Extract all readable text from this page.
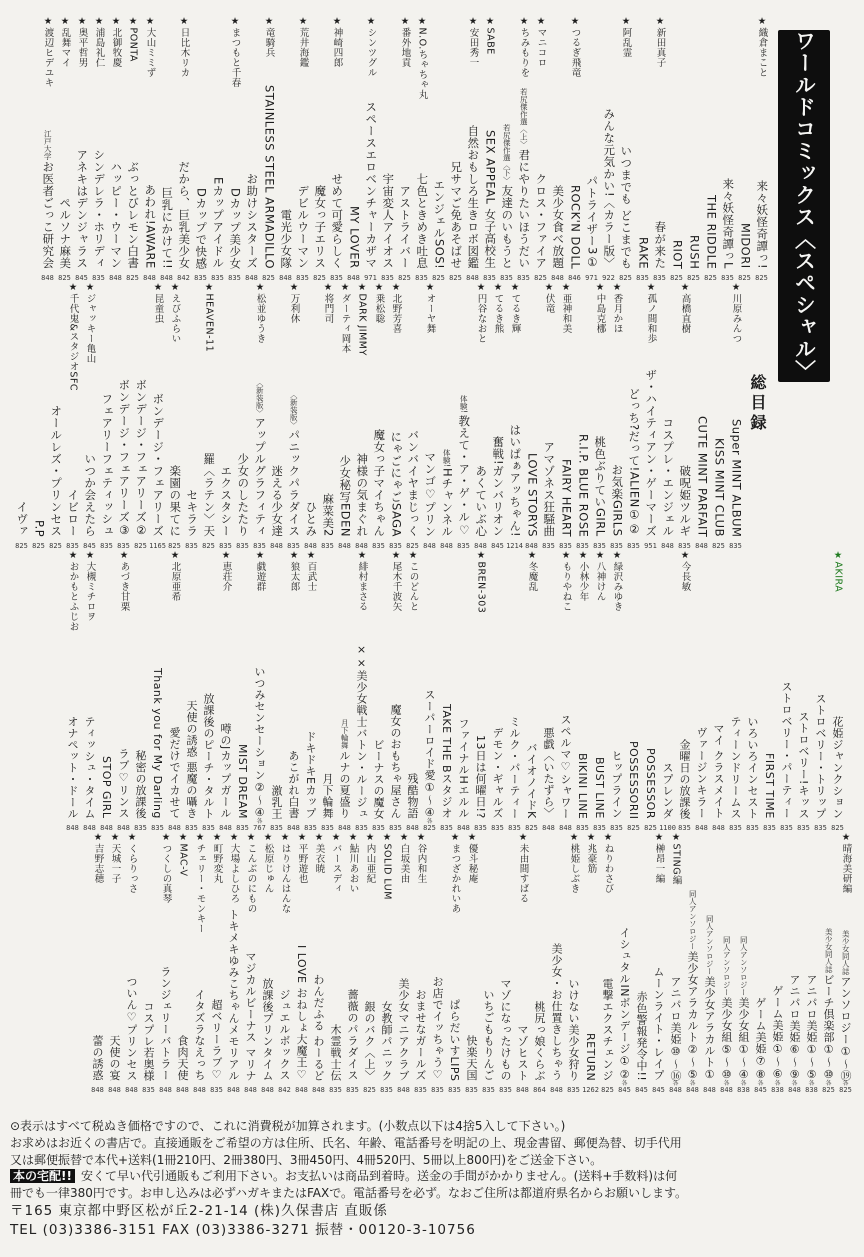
ワールドコミックス〈スペシャル〉
★織倉まこと
来々妖怪奇譚っ!
825
MIDORI
825
来々妖怪奇譚っL
835
THE RIDDLE
825
RUSH
825
RIOT
825
★新田真子
春が来た
835
RAKE
835
★阿乱霊
いつまでも どこまでも
825
みんな元気かい!〈カラー版〉
922
パトライザー3①
971
★つるぎ飛竜
ROCK'N DOLL
846
美少女食べ放題
848
★マニコロ
クロス・ファイア
825
★ちみもりを
若尻傑作選〈上〉
君にやりたいほうだい
835
若尻傑作選〈下〉
友達のいもうと
835
★SABE
SEX APPEAL 女子高校生
835
★安田秀一
自然おもしろ生きロボ図鑑
848
兄サマご免あそばせ
825
エンジェルSOS!
825
★N.O.ちゃちゃ丸
七色ときめき吐息
835
★番外地貢
アストライバー
825
宇宙変人アイオス
835
★シンツグル
スペースエロベンチャーカザマ
971
MY LOVER
848
★神崎四郎
せめて可愛らしく
835
魔女っ子エリス
825
★荒井海鑑
デビルウーマン
835
電光少女隊
848
★竜騎兵
STAINLESS STEEL ARMADILLO
825
お助けシスターズ
848
★まつもと千春
Dカップ美少女
835
Eカップアイドル
835
Dカップで快感
835
★日比木リカ
だから、巨乳美少女
842
巨乳にかけて!!
848
★大山ミミず
あわれ!AWARE
848
★PONTA
ぶっとびレモン白書
825
★北御牧慶
ハッピー・ウーマン
848
★浦島礼仁
シンデレラ・ホリディ
835
★奥平哲男
アネキはデンジャラス
845
★乱舞マイ
ペルソナ麻美
825
★渡辺ヒデユキ
江戸大学
お医者ごっこ研究会
848
総目録
★川原みんつ
Super MINT ALBUM
835
KISS MINT CLUB
825
CUTE MINT PARFAIT
848
★高橋直樹
破呪姫ツルギ
835
コスプレ・エンジェル
848
★孤ノ間和歩
ザ・ハイティアン・ゲーマーズ
951
どっち?だって!ALIEN①②
835
★香月かほ
お気楽GIRLS
835
★中島克梛
桃色ぶりていGIRL
835
R.I.P. BLUE ROSE
835
★亜神和美
FAIRY HEART
835
★伏竜
アマゾネス狂騒曲
835
LOVE STORYS
848
★てるき輝
はいぱぁアッちゃん!
1214
★てるき熊
奮戦!ガンバリオン
845
★円谷なおと
あくていぶ心
848
体験!
教えて・ア・ゲ・ル♡
835
体験!
Hチャンネル
848
★オーヤ舞
マンゴ♡プリン
848
バンバイヤまじっく
825
★北野芳喜
にゃごにゃごSAGA
835
★乗松聡
魔女っ子マイちゃん
835
★DARK JIMMY
神様の気まぐれ
848
★ダーティ岡本
少女秘写EDEN
848
★将門司
麻菜美2
835
ひとみ
848
★万利休
〈新装版〉
パニックパラダイス
835
迷える少女達
848
★松並ゆうき
〈新装版〉
アップルグラフィティ
835
少女のしたたり
835
エクスタシー
835
★HEAVEN-11
羅〈ラテン〉天
825
セキララ
835
★えびふらい
楽園の果てに
825
★昆童虫
ボンデージ・フェアリーズ
1165
ボンデージ・フェアリーズ②
825
ボンデージ・フェアリーズ③
835
フェアリーフェティッシュ
835
★ジャッキー亀山
いつか会えたら
845
★千代鬼&スタジオSFC
イビロー
835
オールレズ・プリンセス
825
P.P
825
イヴァ
825
★AKIRA
花姫ジャンクション
825
ストロベリー・トリップ
835
ストロベリー!キッス
835
ストロベリー・パーティー
835
FIRST TIME
835
いろいろインセスト
835
ティーンドリームス
835
マイ クラスメイト
848
ヴァージンキラー
848
★今長敏
金曜日の放課後
835
スプレンダ
1100
POSSESSOR
825
POSSESSORII
825
★緑沢みゆき
ヒップライン
835
★八神けん
BUST LINE
835
★小林少年
BIKINI LINE
835
★もりやねこ
スペルマ♡シャワー
848
悪戯〈いたずら〉
848
★冬魔乱
バイオノイドK
825
ミルク・パーティー
835
デモン・ギャルズ
835
★BREN-303
13日は何曜日!?
835
ファイナルHエルル
848
TAKE THE Bスタジオ
835
スーパーロイド愛①〜④
各
825
★このどんと
残酷物語
848
★尾木千波矢
魔女のおもちゃ屋さん
835
ビーナスの魔女
835
★緋村まさる
××美少女戦士バトン・ルージュ
835
月下輪舞
ルナの夏盛り
848
月下輪舞
835
★百武士
ドキドキEカップ
835
★狼太郎
あこがれ白書
848
激乳王
835
★戯遊群
いつみセンセーション②〜④
各
767
MIST DREAM
835
★恵荘介
噂のJカップガール
848
放課後のピーチ・タルト
835
天使の誘惑 悪魔の囁き
835
★北原亜希
愛だけでイカせて
848
Thank you for My Darling
835
秘密の放課後
835
★あづき甘栗
ラブ♡リンス
848
STOP GIRL
848
★大槻ミチロヲ
ティッシュ・タイム
848
★おかもとふじお
オナペット・ドール
848
★晴海美研編
美少女同人誌
アンソロジー①〜⑲
各
825
美少女同人誌
ビーチ倶楽部①〜⑩
各
825
アニパロ美姫①〜⑤
各
838
アニパロ美姫⑥〜⑨
各
848
ゲーム美姫①〜⑥
各
838
ゲーム美姫⑦⑧
各
845
同人アンソロジー
美少女組①〜④
各
838
同人アンソロジー
美少女組⑤〜⑩
各
848
同人アンソロジー
美少女アラカルト①
848
同人アンソロジー
美少女アラカルト②〜⑤
各
848
★STING編
アニパロ美姫⑩〜⑯
各
848
★榊昂一編
ムーンライト・レイプ
845
赤色警報発令中!!
845
イシュタルINボンデージ①②
各
845
★ねりわさび
電撃エクスチェンジ
825
★兆豪筋
RETURN
1262
★桃姫しぶき
いけない美少女狩り
835
美少女・お仕置きしちゃう
848
桃尻っ娘くらぶ
864
★未由間すばる
マゾヒスト
848
マゾになったけもの
835
いちごももりんご
835
★優斗秘庵
快楽天国
835
★まつざかれいあ
ぱらだいすLIPS
835
お店でイッちゃう♡
835
★谷内和生
おませなガールズ
835
★白坂美由
美少女マニアクラブ
848
★SOLID LUM
女教師パニック
835
★内山亜紀
銀のバク〈上〉
825
★鮎川あおい
薔薇のパラダイス
835
★バースディ
木霊戦士伝
835
★美衣暁
わんだふる わーるど
848
★平野遊也
I LOVE おねしょ大魔王♡
848
★はりけんはんな
ジュエルボックス
842
★松原じゅん
放課後プリンタイム
848
★こんぶのにもの
マジカルビーナス マリナ
848
★大場よしひろ
トキメキゆみこちゃんメモリアル
848
★町野変丸
超ベリーラブ♡
835
★チェリー・モンキー
イタズラなえっち
848
★MAC-V
食肉天使
848
★つくしの真琴
ランジェリーバトラー
848
コスプレ若奥様
835
★くらりっさ
ついん♡プリンセス
848
★天城一子
天使の宴
848
★吉野志穂
蕾の誘惑
848
⊙表示はすべて税ぬき価格ですので、これに消費税が加算されます。(小数点以下は4捨5入して下さい。)
お求めはお近くの書店で。直接通販をご希望の方は住所、氏名、年齢、電話番号を明記の上、現金書留、郵便為替、切手代用
又は郵便振替で本代+送料(1冊210円、2冊380円、3冊450円、4冊520円、5冊以上800円)をご送金下さい。
本の宅配!! 安くて早い代引通販もご利用下さい。お支払いは商品到着時。送金の手間がかかりません。(送料+手数料)は何
冊でも一律380円です。お申し込みは必ずハガキまたはFAXで。電話番号を必ず。なおご住所は都道府県名からお願いします。
〒165 東京都中野区松が丘2-21-14 (株)久保書店 直販係
TEL (03)3386-3151 FAX (03)3386-3271 振替・00120-3-10756
